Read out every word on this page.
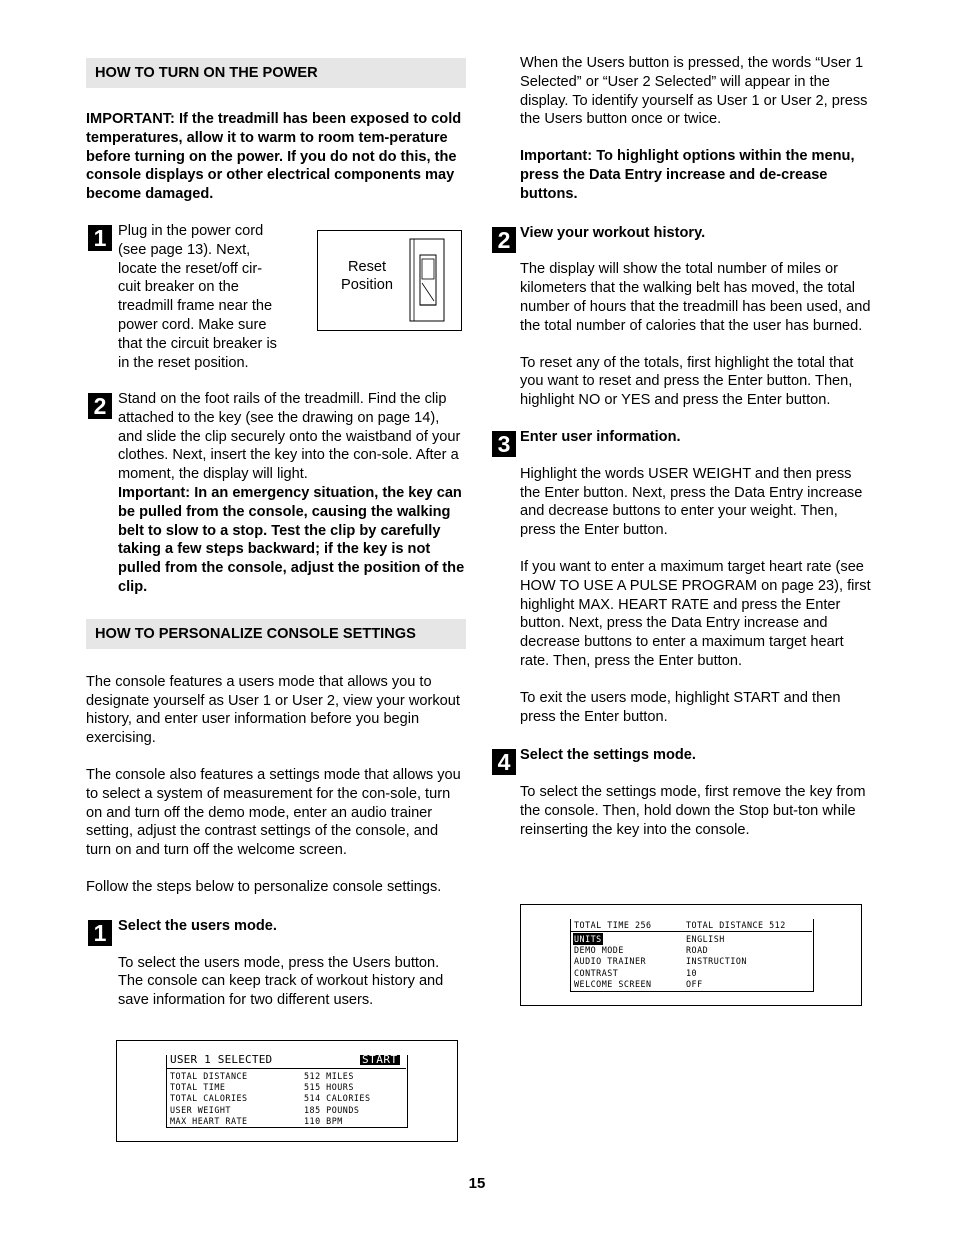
HOW TO TURN ON THE POWER

IMPORTANT: If the treadmill has been exposed to cold temperatures, allow it to warm to room tem-perature before turning on the power. If you do not do this, the console displays or other electrical components may become damaged.

1 Plug in the power cord (see page 13). Next, locate the reset/off cir-cuit breaker on the treadmill frame near the power cord. Make sure that the circuit breaker is in the reset position.

2 Stand on the foot rails of the treadmill. Find the clip attached to the key (see the drawing on page 14), and slide the clip securely onto the waistband of your clothes. Next, insert the key into the con-sole. After a moment, the display will light.

Important: In an emergency situation, the key can be pulled from the console, causing the walking belt to slow to a stop. Test the clip by carefully taking a few steps backward; if the key is not pulled from the console, adjust the position of the clip.

HOW TO PERSONALIZE CONSOLE SETTINGS

The console features a users mode that allows you to designate yourself as User 1 or User 2, view your workout history, and enter user information before you begin exercising.

The console also features a settings mode that allows you to select a system of measurement for the con-sole, turn on and turn off the demo mode, enter an audio trainer setting, adjust the contrast settings of the console, and turn on and turn off the welcome screen.

Follow the steps below to personalize console settings.

1 Select the users mode.

To select the users mode, press the Users button. The console can keep track of workout history and save information for two different users.

Reset
Position
USER 1 SELECTED	START
TOTAL DISTANCE	512 MILES
TOTAL TIME	515 HOURS
TOTAL CALORIES	514 CALORIES
USER WEIGHT	185 POUNDS
MAX HEART RATE	110 BPM

When the Users button is pressed, the words “User 1 Selected” or “User 2 Selected” will appear in the display. To identify yourself as User 1 or User 2, press the Users button once or twice.

Important: To highlight options within the menu, press the Data Entry increase and de-crease buttons.

2 View your workout history.

The display will show the total number of miles or kilometers that the walking belt has moved, the total number of hours that the treadmill has been used, and the total number of calories that the user has burned.

To reset any of the totals, first highlight the total that you want to reset and press the Enter button. Then, highlight NO or YES and press the Enter button.

3 Enter user information.

Highlight the words USER WEIGHT and then press the Enter button. Next, press the Data Entry increase and decrease buttons to enter your weight. Then, press the Enter button.

If you want to enter a maximum target heart rate (see HOW TO USE A PULSE PROGRAM on page 23), first highlight MAX. HEART RATE and press the Enter button. Next, press the Data Entry increase and decrease buttons to enter a maximum target heart rate. Then, press the Enter button.

To exit the users mode, highlight START and then press the Enter button.

4 Select the settings mode.

To select the settings mode, first remove the key from the console. Then, hold down the Stop but-ton while reinserting the key into the console.

TOTAL TIME 256	TOTAL DISTANCE 512
UNITS	ENGLISH
DEMO MODE	ROAD
AUDIO TRAINER	INSTRUCTION
CONTRAST	10
WELCOME SCREEN	OFF
15
